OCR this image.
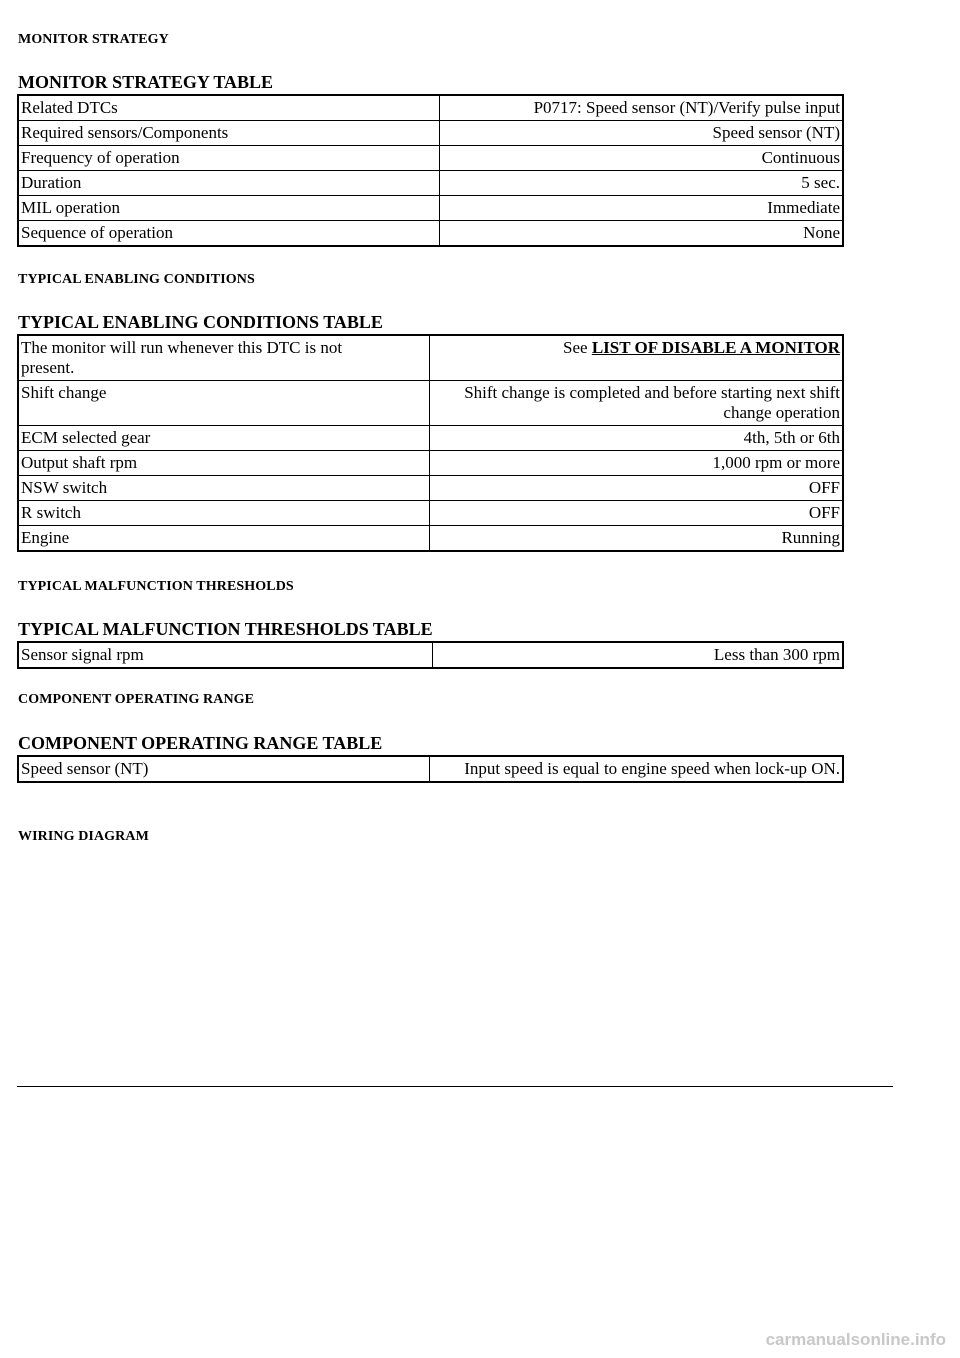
MONITOR STRATEGY
MONITOR STRATEGY TABLE
Related DTCs	P0717: Speed sensor (NT)/Verify pulse input
Required sensors/Components	Speed sensor (NT)
Frequency of operation	Continuous
Duration	5 sec.
MIL operation	Immediate
Sequence of operation	None
TYPICAL ENABLING CONDITIONS
TYPICAL ENABLING CONDITIONS TABLE
The monitor will run whenever this DTC is not present.	See LIST OF DISABLE A MONITOR
Shift change	Shift change is completed and before starting next shift change operation
ECM selected gear	4th, 5th or 6th
Output shaft rpm	1,000 rpm or more
NSW switch	OFF
R switch	OFF
Engine	Running
TYPICAL MALFUNCTION THRESHOLDS
TYPICAL MALFUNCTION THRESHOLDS TABLE
Sensor signal rpm	Less than 300 rpm
COMPONENT OPERATING RANGE
COMPONENT OPERATING RANGE TABLE
Speed sensor (NT)	Input speed is equal to engine speed when lock-up ON.
WIRING DIAGRAM
carmanualsonline.info
